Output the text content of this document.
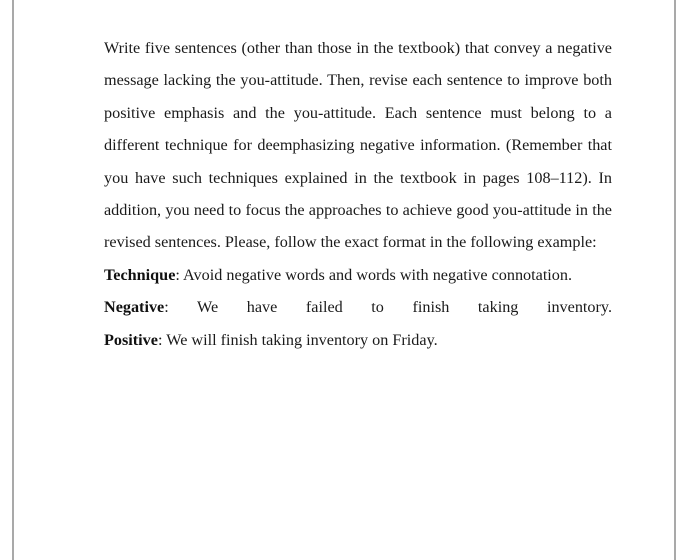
Write five sentences (other than those in the textbook) that convey a negative message lacking the you-attitude. Then, revise each sentence to improve both positive emphasis and the you-attitude. Each sentence must belong to a different technique for deemphasizing negative information. (Remember that you have such techniques explained in the textbook in pages 108–112). In addition, you need to focus the approaches to achieve good you-attitude in the revised sentences. Please, follow the exact format in the following example:

Technique: Avoid negative words and words with negative connotation.

Negative: We have failed to finish taking inventory.

Positive: We will finish taking inventory on Friday.
